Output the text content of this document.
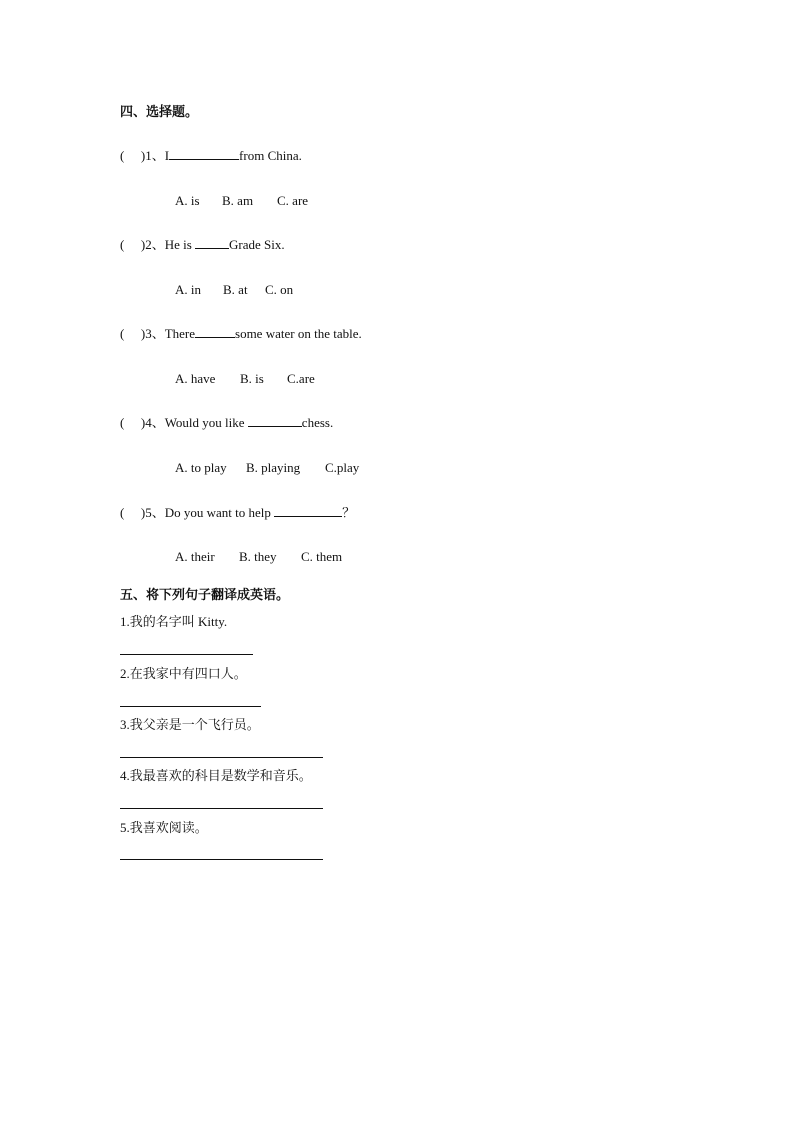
四、选择题。
( )1、I	from China.
A. is B. am C. are
( )2、He is	Grade Six.
A. in B. at C. on
( )3、There	some water on the table.
A. have B. is C.are
( )4、Would you like	chess.
A. to play B. playing C.play
( )5、Do you want to help	？
A. their B. they C. them
五、将下列句子翻译成英语。
1.我的名字叫 Kitty.
2.在我家中有四口人。
3.我父亲是一个飞行员。
4.我最喜欢的科目是数学和音乐。
5.我喜欢阅读。
